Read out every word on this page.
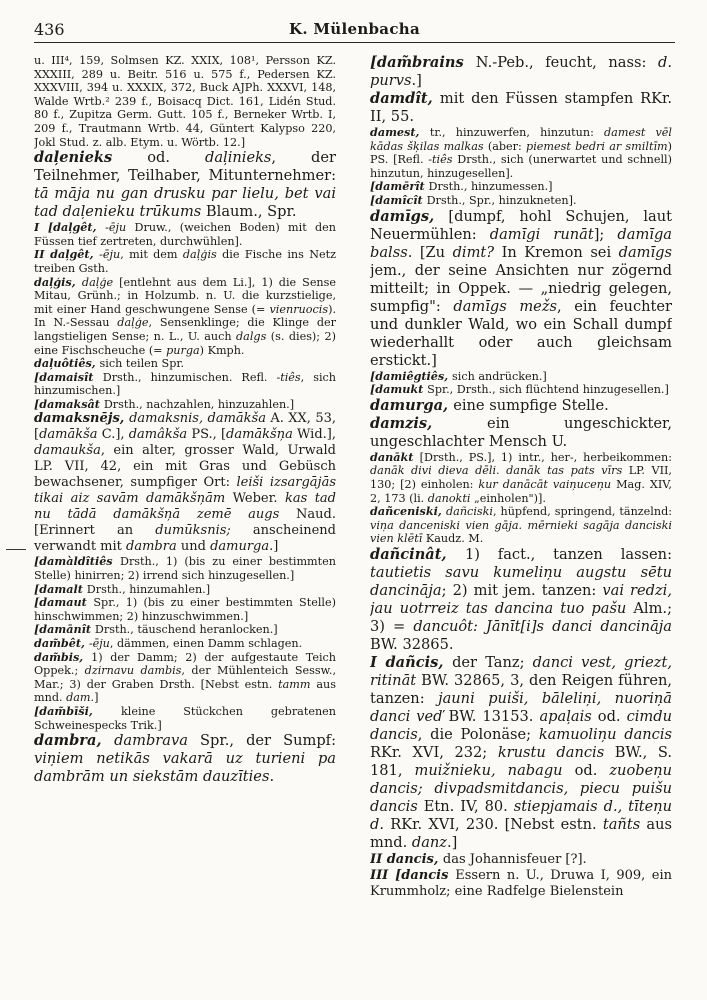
436	K. Mülenbacha

u. III⁴, 159, Solmsen KZ. XXIX, 108¹, Persson KZ. XXXIII, 289 u. Beitr. 516 u. 575 f., Pedersen KZ. XXXVIII, 394 u. XXXIX, 372, Buck AJPh. XXXVI, 148, Walde Wrtb.² 239 f., Boisacq Dict. 161, Lidén Stud. 80 f., Zupitza Germ. Gutt. 105 f., Berneker Wrtb. I, 209 f., Trautmann Wrtb. 44, Güntert Kalypso 220, Jokl Stud. z. alb. Etym. u. Wörtb. 12.]

daļenieks od. daļinieks, der Teilnehmer, Teilhaber, Mitunternehmer: tā māja nu gan drusku par lielu, bet vai tad daļenieku trūkums Blaum., Spr.

I [daļgêt, -ēju Druw., (weichen Boden) mit den Füssen tief zertreten, durchwühlen].

II daļgêt, -ēju, mit dem daļģis die Fische ins Netz treiben Gsth.

daļģis, daļģe [entlehnt aus dem Li.], 1) die Sense Mitau, Grünh.; in Holzumb. n. U. die kurzstielige, mit einer Hand geschwungene Sense (= vienruocis). In N.-Sessau daļģe, Sensenklinge; die Klinge der langstieligen Sense; n. L., U. auch dalgs (s. dies); 2) eine Fischscheuche (= purga) Kmph.

daļuôtiês, sich teilen Spr.

[damaisît Drsth., hinzumischen. Refl. -tiês, sich hinzumischen.]

[damaksât Drsth., nachzahlen, hinzuzahlen.]

damaksnējs, damaksnis, damākša A. XX, 53, [damākša C.], damâkša PS., [damākšņa Wid.], damaukša, ein alter, grosser Wald, Urwald LP. VII, 42, ein mit Gras und Gebüsch bewachsener, sumpfiger Ort: leiši izsargājās tikai aiz savām damākšņām Weber. kas tad nu tādā damākšņā zemē augs Naud. [Erinnert an dumūksnis; anscheinend verwandt mit dambra und damurga.]

[damàldîtiês Drsth., 1) (bis zu einer bestimmten Stelle) hinirren; 2) irrend sich hinzugesellen.]

[damalt Drsth., hinzumahlen.]

[damaut Spr., 1) (bis zu einer bestimmten Stelle) hinschwimmen; 2) hinzuschwimmen.]

[damānît Drsth., täuschend heranlocken.]

dam̃bêt, -ēju, dämmen, einen Damm schlagen.

dam̃bis, 1) der Damm; 2) der aufgestaute Teich Oppek.; dzirnavu dambis, der Mühlenteich Sessw., Mar.; 3) der Graben Drsth. [Nebst estn. tamm aus mnd. dam.]

[dam̃bīši, kleine Stückchen gebratenen Schweinespecks Trik.]

dambra, dambrava Spr., der Sumpf: viņiem netikās vakarā uz turieni pa dambrām un siekstām dauzīties.

[dam̃brains N.-Peb., feucht, nass: d. purvs.]

damdît, mit den Füssen stampfen RKr. II, 55.

damest, tr., hinzuwerfen, hinzutun: damest vēl kādas šķilas malkas (aber: piemest bedri ar smiltīm) PS. [Refl. -tiês Drsth., sich (unerwartet und schnell) hinzutun, hinzugesellen].

[damērît Drsth., hinzumessen.]

[damîcît Drsth., Spr., hinzukneten].

damīgs, [dumpf, hohl Schujen, laut Neuermühlen: damīgi runāt]; damīga balss. [Zu dimt? In Kremon sei damīgs jem., der seine Ansichten nur zögernd mitteilt; in Oppek. — „niedrig gelegen, sumpfig": damīgs mežs, ein feuchter und dunkler Wald, wo ein Schall dumpf wiederhallt oder auch gleichsam erstickt.]

[damiêgtiês, sich andrücken.]

[damukt Spr., Drsth., sich flüchtend hinzugesellen.]

damurga, eine sumpfige Stelle.

damzis, ein ungeschickter, ungeschlachter Mensch U.

danākt [Drsth., PS.], 1) intr., her-, herbeikommen: danāk divi dieva dēli. danāk tas pats vīrs LP. VII, 130; [2) einholen: kur danācāt vaiņuceņu Mag. XIV, 2, 173 (li. danokti „einholen")].

dañceniski, dañciski, hüpfend, springend, tänzelnd: viņa danceniski vien gāja. mērnieki sagāja danciski vien klētī Kaudz. M.

dañcinât, 1) fact., tanzen lassen: tautietis savu kumeliņu augstu sētu dancināja; 2) mit jem. tanzen: vai redzi, jau uotrreiz tas dancina tuo pašu Alm.; 3) = dancuôt: Jānīt[i]s danci dancināja BW. 32865.

I dañcis, der Tanz; danci vest, griezt, ritināt BW. 32865, 3, den Reigen führen, tanzen: jauni puiši, bāleliņi, nuoriņā danci veď BW. 13153. apaļais od. cimdu dancis, die Polonäse; kamuoliņu dancis RKr. XVI, 232; krustu dancis BW., S. 181, muižnieku, nabagu od. zuobeņu dancis; divpadsmitdancis, piecu puišu dancis Etn. IV, 80. stiepjamais d., tīteņu d. RKr. XVI, 230. [Nebst estn. tañts aus mnd. danz.]

II dancis, das Johannisfeuer [?].

III [dancis Essern n. U., Druwa I, 909, ein Krummholz; eine Radfelge Bielenstein
